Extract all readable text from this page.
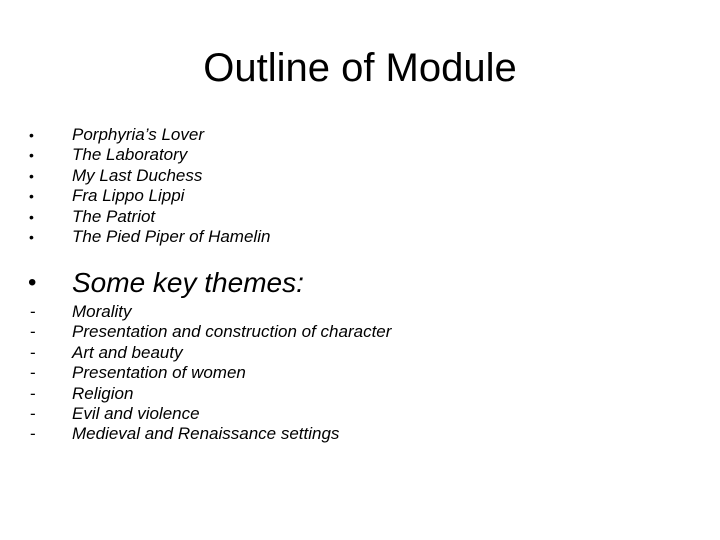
Outline of Module
• Porphyria’s Lover
• The Laboratory
• My Last Duchess
• Fra Lippo Lippi
• The Patriot
• The Pied Piper of Hamelin
• Some key themes:
- Morality
- Presentation and construction of character
- Art and beauty
- Presentation of women
- Religion
- Evil and violence
- Medieval and Renaissance settings
